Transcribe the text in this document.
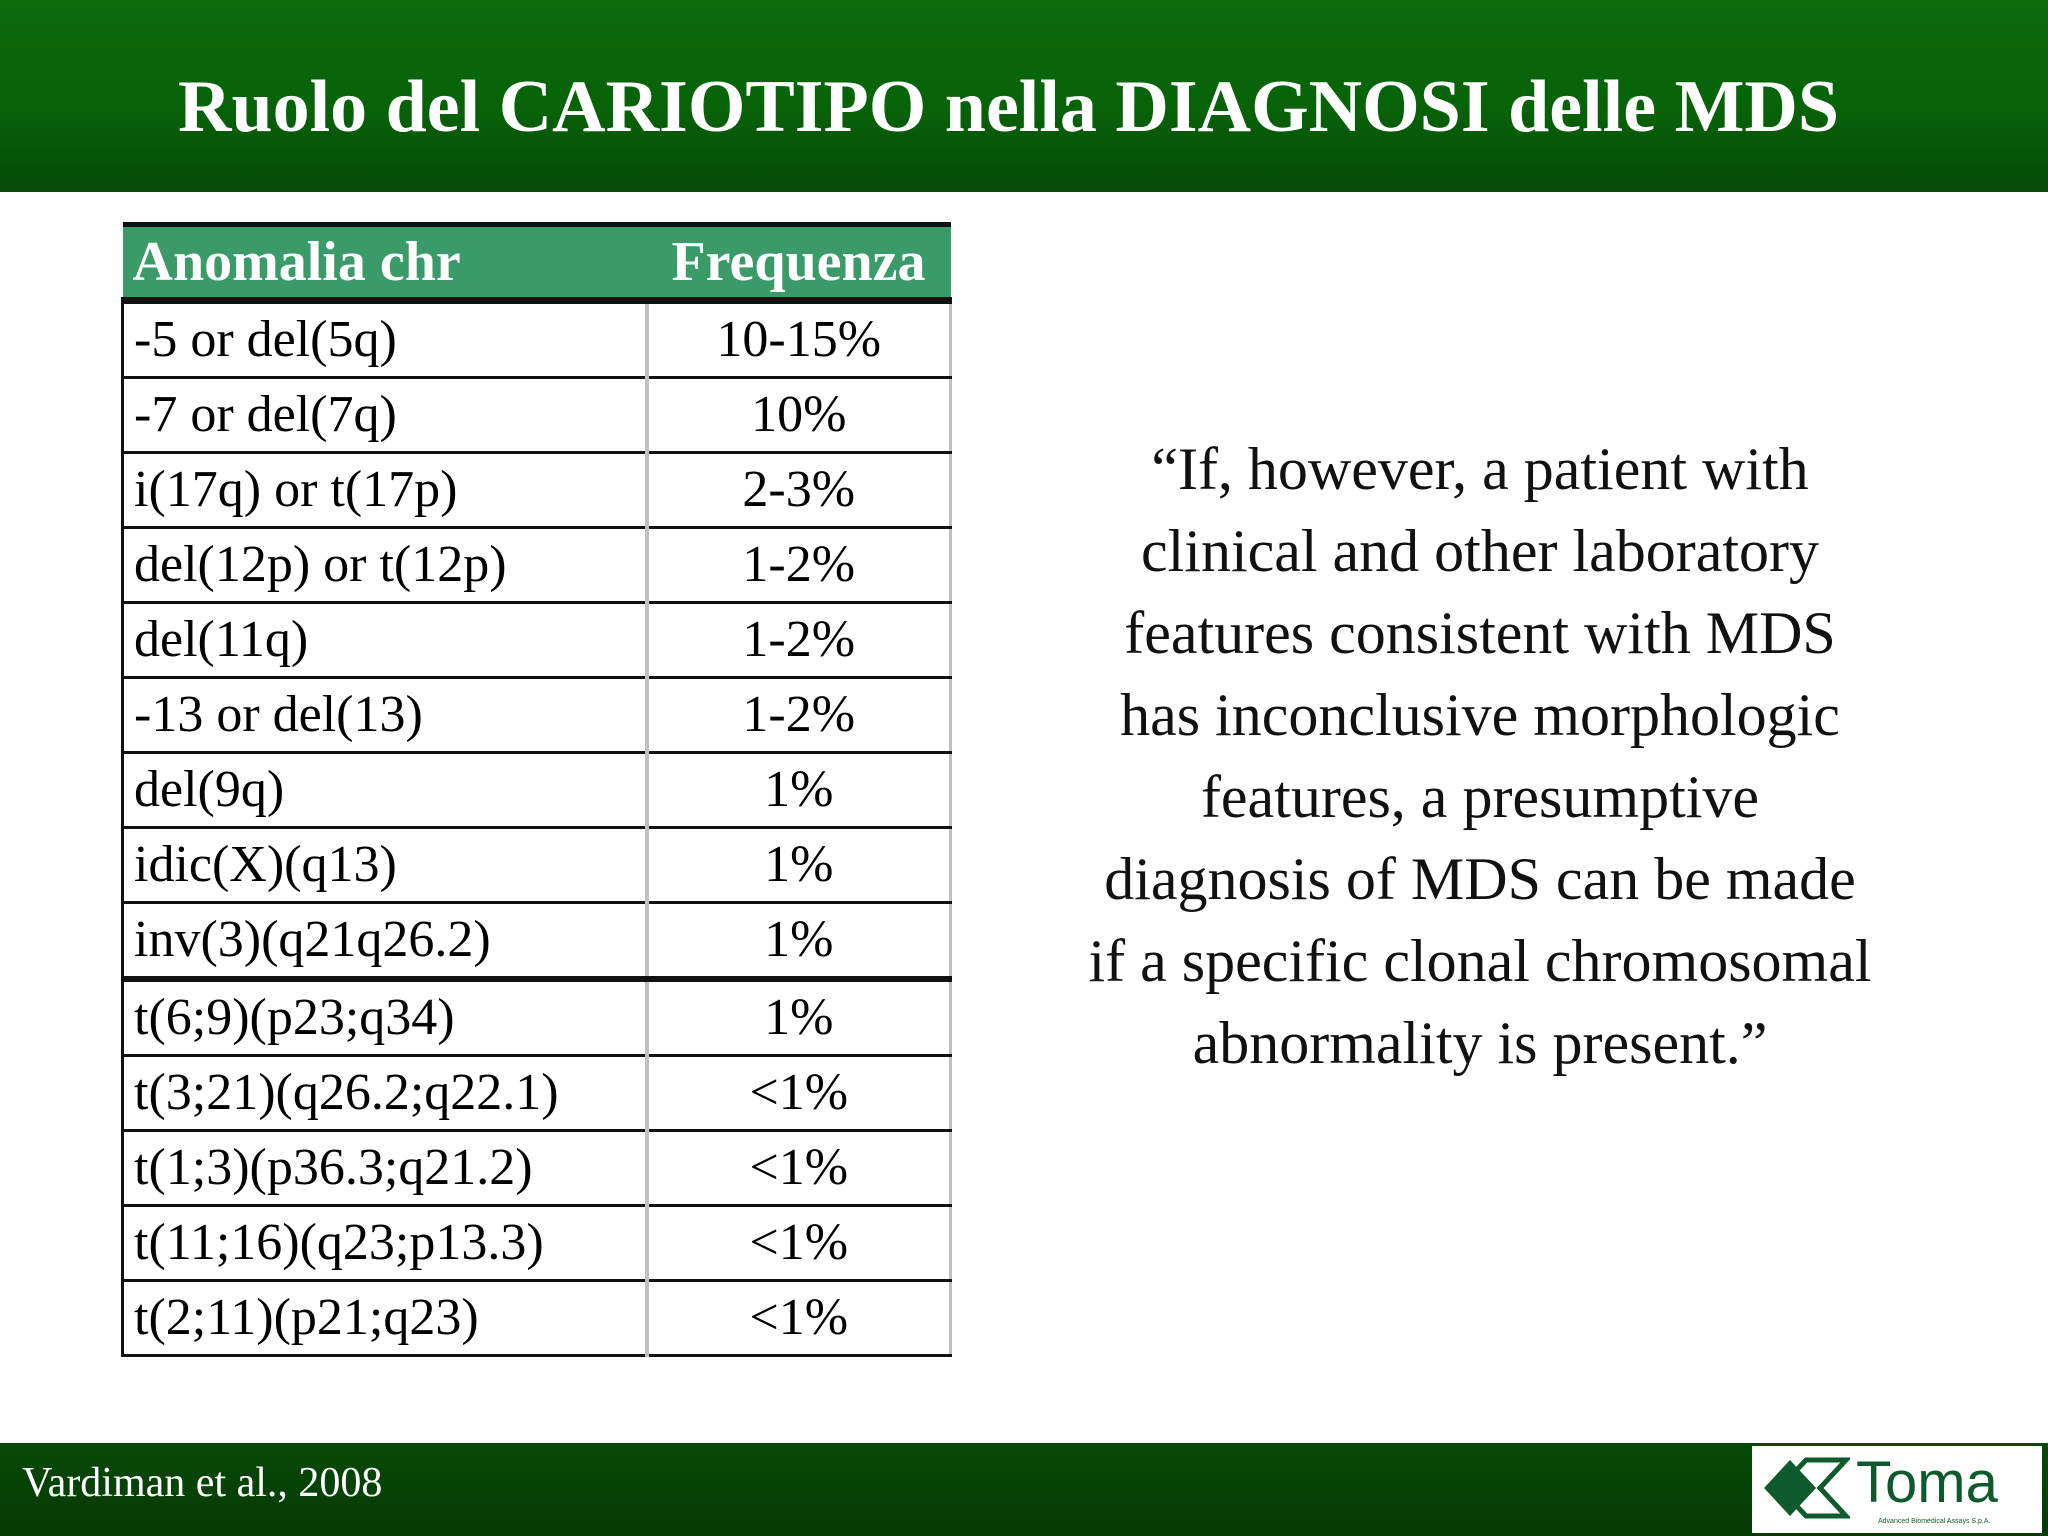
Ruolo del CARIOTIPO nella DIAGNOSI delle MDS
Anomalia chr	Frequenza
-5 or del(5q)	10-15%
-7 or del(7q)	10%
i(17q) or t(17p)	2-3%
del(12p) or t(12p)	1-2%
del(11q)	1-2%
-13 or del(13)	1-2%
del(9q)	1%
idic(X)(q13)	1%
inv(3)(q21q26.2)	1%
t(6;9)(p23;q34)	1%
t(3;21)(q26.2;q22.1)	<1%
t(1;3)(p36.3;q21.2)	<1%
t(11;16)(q23;p13.3)	<1%
t(2;11)(p21;q23)	<1%
“If, however, a patient with
clinical and other laboratory
features consistent with MDS
has inconclusive morphologic
features, a presumptive
diagnosis of MDS can be made
if a specific clonal chromosomal
abnormality is present.”

Vardiman et al., 2008	Toma

Advanced Biomedical Assays S.p.A.
